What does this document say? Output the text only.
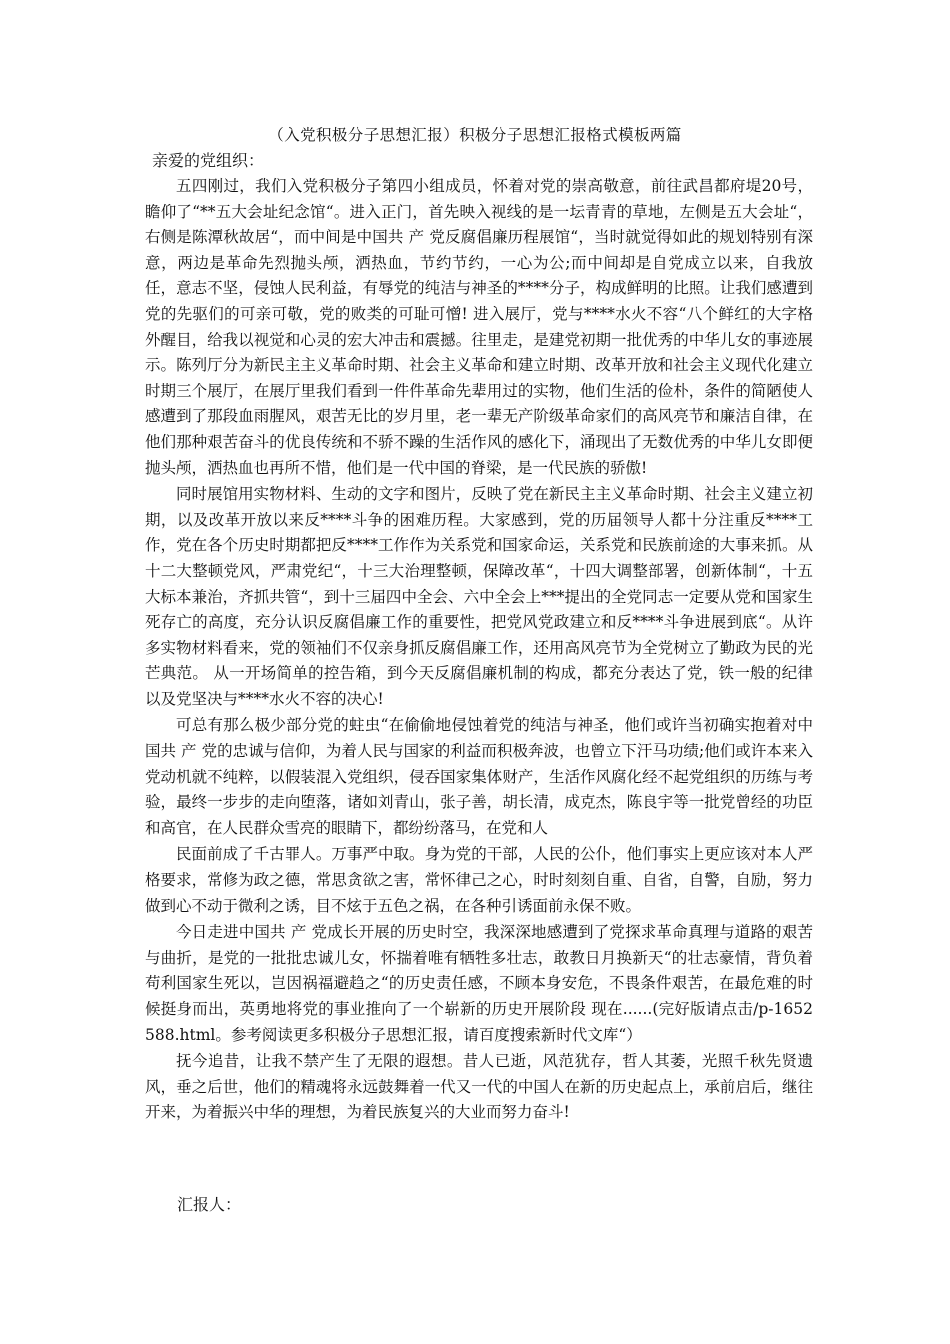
（入党积极分子思想汇报）积极分子思想汇报格式模板两篇
亲爱的党组织：

五四刚过，我们入党积极分子第四小组成员，怀着对党的崇高敬意，前往武昌都府堤20号，瞻仰了“**五大会址纪念馆“。进入正门，首先映入视线的是一坛青青的草地，左侧是五大会址“，右侧是陈潭秋故居“，而中间是中国共 产 党反腐倡廉历程展馆“，当时就觉得如此的规划特别有深意，两边是革命先烈抛头颅，洒热血，节约节约，一心为公;而中间却是自党成立以来，自我放任，意志不坚，侵蚀人民利益，有辱党的纯洁与神圣的****分子，构成鲜明的比照。让我们感遭到党的先驱们的可亲可敬，党的败类的可耻可憎! 进入展厅，党与****水火不容“八个鲜红的大字格外醒目，给我以视觉和心灵的宏大冲击和震撼。往里走，是建党初期一批优秀的中华儿女的事迹展示。陈列厅分为新民主主义革命时期、社会主义革命和建立时期、改革开放和社会主义现代化建立时期三个展厅，在展厅里我们看到一件件革命先辈用过的实物，他们生活的俭朴，条件的简陋使人感遭到了那段血雨腥风，艰苦无比的岁月里，老一辈无产阶级革命家们的高风亮节和廉洁自律，在他们那种艰苦奋斗的优良传统和不骄不躁的生活作风的感化下，涌现出了无数优秀的中华儿女即便抛头颅，洒热血也再所不惜，他们是一代中国的脊梁，是一代民族的骄傲!

同时展馆用实物材料、生动的文字和图片，反映了党在新民主主义革命时期、社会主义建立初期，以及改革开放以来反****斗争的困难历程。大家感到，党的历届领导人都十分注重反****工作，党在各个历史时期都把反****工作作为关系党和国家命运，关系党和民族前途的大事来抓。从十二大整顿党风，严肃党纪“，十三大治理整顿，保障改革“，十四大调整部署，创新体制“，十五大标本兼治，齐抓共管“，到十三届四中全会、六中全会上***提出的全党同志一定要从党和国家生死存亡的高度，充分认识反腐倡廉工作的重要性，把党风党政建立和反****斗争进展到底“。从许多实物材料看来，党的领袖们不仅亲身抓反腐倡廉工作，还用高风亮节为全党树立了勤政为民的光芒典范。 从一开场简单的控告箱，到今天反腐倡廉机制的构成，都充分表达了党，铁一般的纪律以及党坚决与****水火不容的决心!

可总有那么极少部分党的蛀虫“在偷偷地侵蚀着党的纯洁与神圣，他们或许当初确实抱着对中国共 产 党的忠诚与信仰，为着人民与国家的利益而积极奔波，也曾立下汗马功绩;他们或许本来入党动机就不纯粹，以假装混入党组织，侵吞国家集体财产，生活作风腐化经不起党组织的历练与考验，最终一步步的走向堕落，诸如刘青山，张子善，胡长清，成克杰，陈良宇等一批党曾经的功臣和高官，在人民群众雪亮的眼睛下，都纷纷落马，在党和人

民面前成了千古罪人。万事严中取。身为党的干部，人民的公仆，他们事实上更应该对本人严格要求，常修为政之德，常思贪欲之害，常怀律己之心，时时刻刻自重、自省，自警，自励，努力做到心不动于微利之诱，目不炫于五色之祸，在各种引诱面前永保不败。

今日走进中国共 产 党成长开展的历史时空，我深深地感遭到了党探求革命真理与道路的艰苦与曲折，是党的一批批忠诚儿女，怀揣着唯有牺牲多壮志，敢教日月换新天“的壮志豪情，背负着苟利国家生死以，岂因祸福避趋之“的历史责任感，不顾本身安危，不畏条件艰苦，在最危难的时候挺身而出，英勇地将党的事业推向了一个崭新的历史开展阶段 现在......(完好版请点击/p-1652588.html。参考阅读更多积极分子思想汇报，请百度搜索新时代文库“）

抚今追昔，让我不禁产生了无限的遐想。昔人已逝，风范犹存，哲人其萎，光照千秋先贤遗风，垂之后世，他们的精魂将永远鼓舞着一代又一代的中国人在新的历史起点上，承前启后，继往开来，为着振兴中华的理想，为着民族复兴的大业而努力奋斗!

汇报人：
